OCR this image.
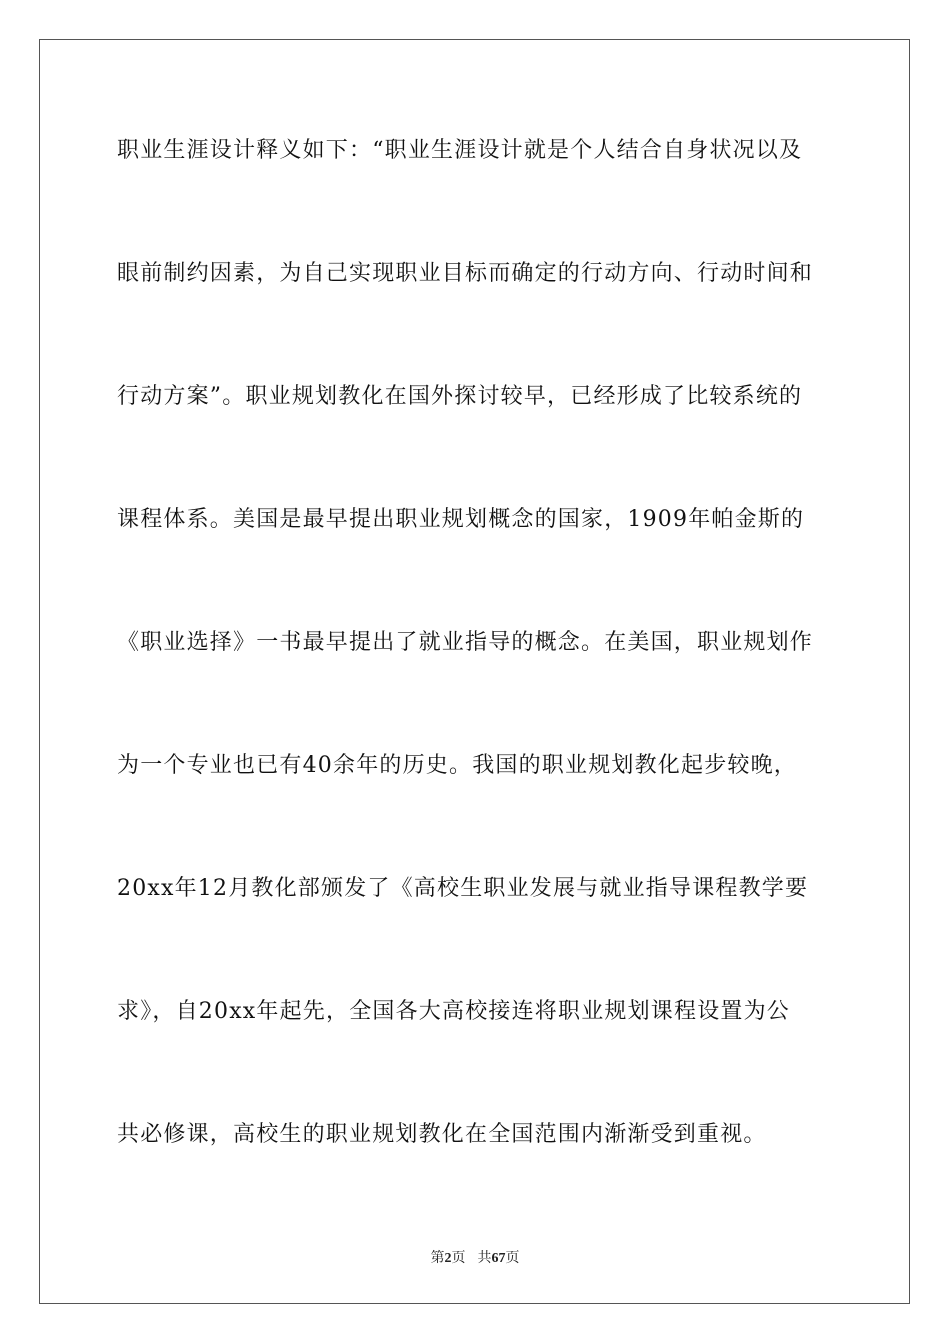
职业生涯设计释义如下：“职业生涯设计就是个人结合自身状况以及
眼前制约因素，为自己实现职业目标而确定的行动方向、行动时间和
行动方案”。职业规划教化在国外探讨较早，已经形成了比较系统的
课程体系。美国是最早提出职业规划概念的国家，1909年帕金斯的
《职业选择》一书最早提出了就业指导的概念。在美国，职业规划作
为一个专业也已有40余年的历史。我国的职业规划教化起步较晚，
20xx年12月教化部颁发了《高校生职业发展与就业指导课程教学要
求》，自20xx年起先，全国各大高校接连将职业规划课程设置为公
共必修课，高校生的职业规划教化在全国范围内渐渐受到重视。
第2页 共67页
